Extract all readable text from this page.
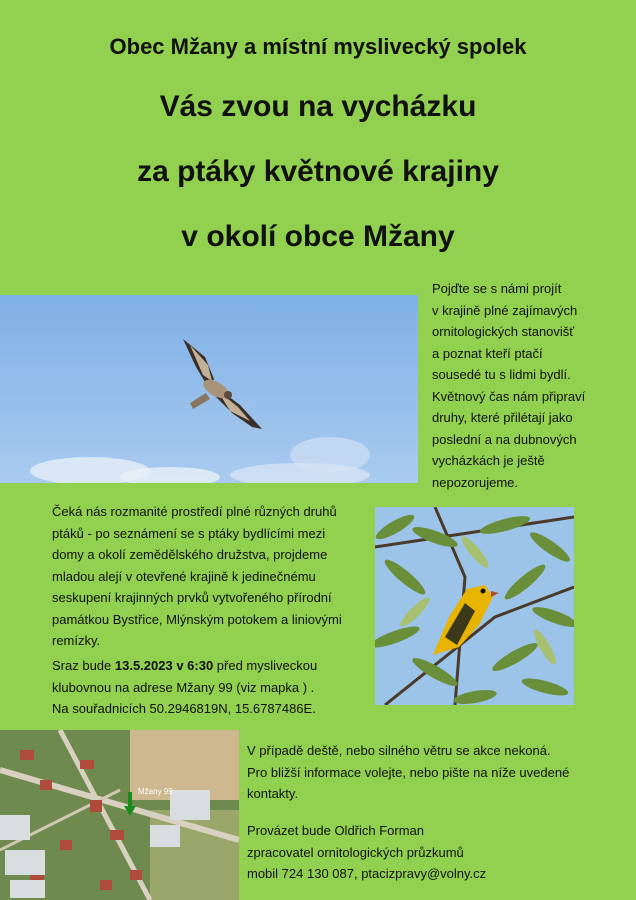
Obec Mžany a místní myslivecký spolek
Vás zvou na vycházku
za ptáky květnové krajiny
v okolí obce Mžany
Pojďte se s námi projít
v krajině plné zajímavých
ornitologických stanovišť
a poznat kteří ptačí
sousedé tu s lidmi bydlí.
Květnový čas nám připraví
druhy, které přilétají jako
poslední a na dubnových
vycházkách je ještě
nepozorujeme.
Čeká nás rozmanité prostředí plné různých druhů
ptáků - po seznámení se s ptáky bydlícími mezi
domy a okolí zemědělského družstva, projdeme
mladou alejí v otevřené krajině k jedinečnému
seskupení krajinných prvků vytvořeného přírodní
památkou Bystřice, Mlýnským potokem a liniovými
remízky.
Sraz bude 13.5.2023 v 6:30 před mysliveckou
klubovnou na adrese Mžany 99 (viz mapka ) .
Na souřadnicích 50.2946819N, 15.6787486E.
Mžany 99
V případě deště, nebo silného větru se akce nekoná.
Pro bližší informace volejte, nebo pište na níže uvedené
kontakty.
Provázet bude Oldřich Forman
zpracovatel ornitologických průzkumů
mobil 724 130 087, ptacizpravy@volny.cz
